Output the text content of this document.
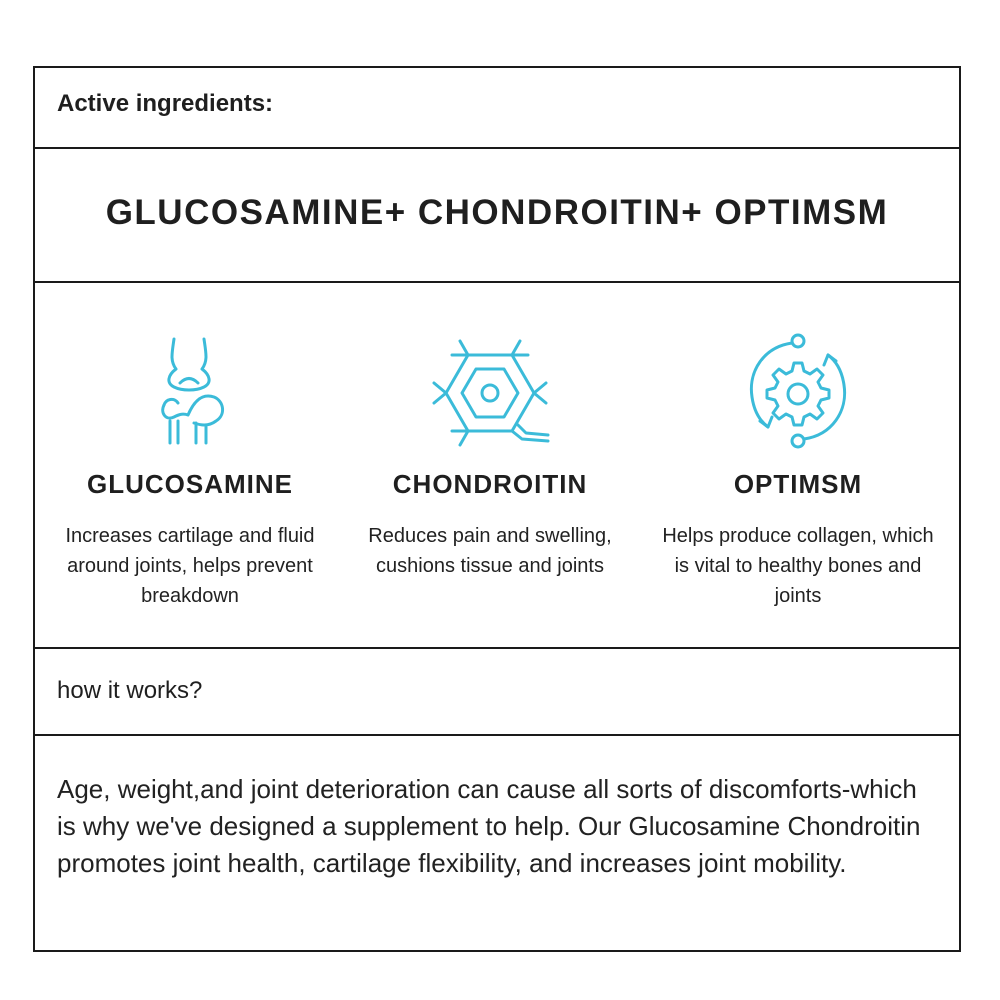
Active ingredients:
GLUCOSAMINE+ CHONDROITIN+ OPTIMSM
GLUCOSAMINE
Increases cartilage and fluid around joints, helps prevent breakdown
CHONDROITIN
Reduces pain and swelling, cushions tissue and joints
OPTIMSM
Helps produce collagen, which is vital to healthy bones and joints
how it works?
Age, weight,and joint deterioration can cause all sorts of discomforts-which is why we've designed a supplement to help. Our Glucosamine Chondroitin promotes joint health, cartilage flexibility, and increases joint mobility.
